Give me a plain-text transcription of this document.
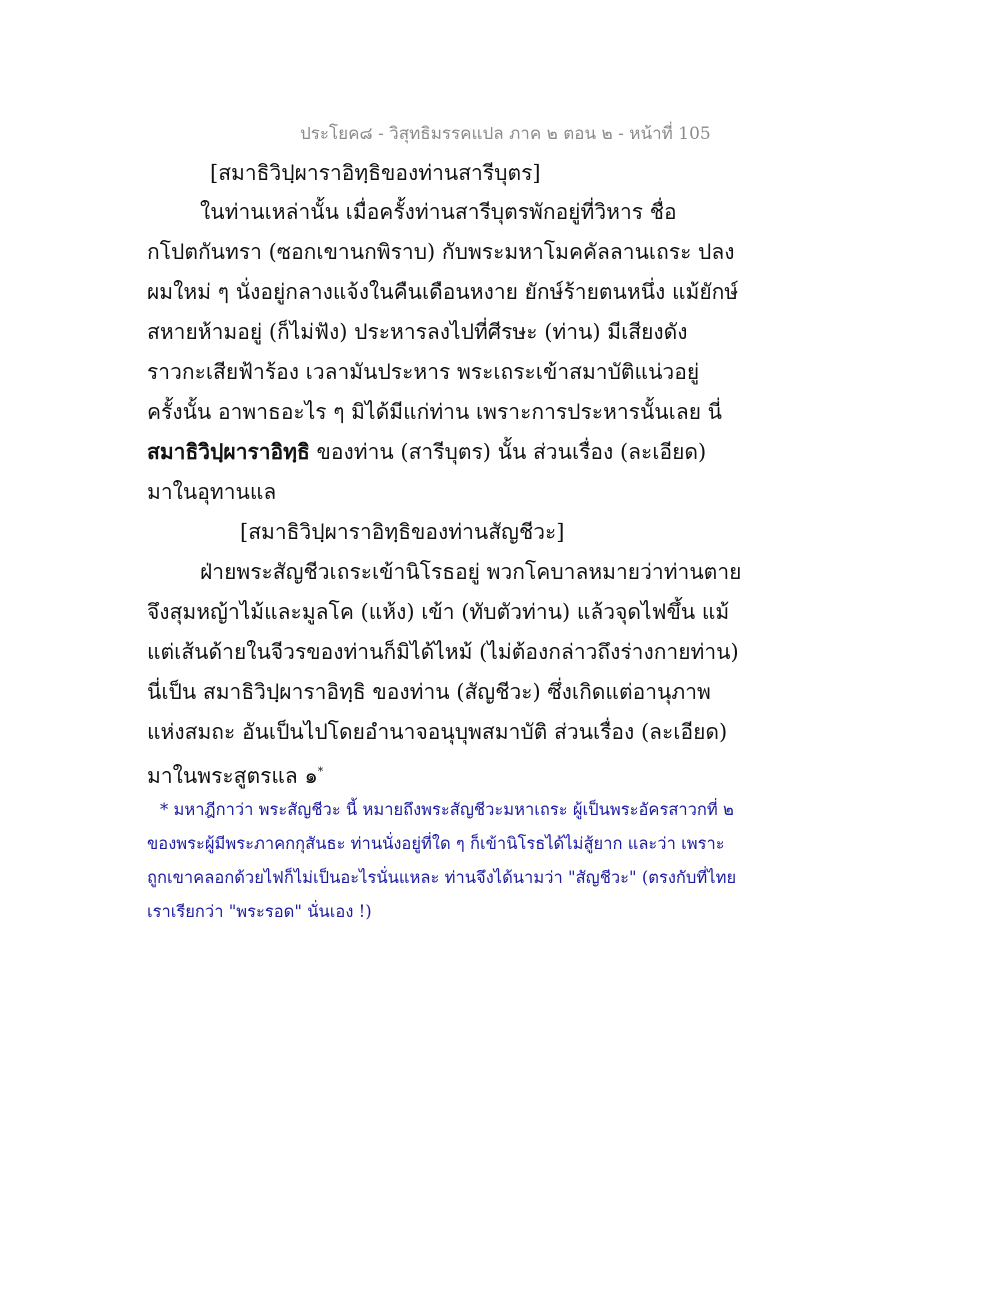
ประโยค๘ - วิสุทธิมรรคแปล ภาค ๒ ตอน ๒ - หน้าที่ 105
[สมาธิวิปฺผาราอิทฺธิของท่านสารีบุตร]
ในท่านเหล่านั้น เมื่อครั้งท่านสารีบุตรพักอยู่ที่วิหาร ชื่อ
กโปตกันทรา (ซอกเขานกพิราบ) กับพระมหาโมคคัลลานเถระ ปลง
ผมใหม่ ๆ นั่งอยู่กลางแจ้งในคืนเดือนหงาย ยักษ์ร้ายตนหนึ่ง แม้ยักษ์
สหายห้ามอยู่ (ก็ไม่ฟัง) ประหารลงไปที่ศีรษะ (ท่าน) มีเสียงดัง
ราวกะเสียฟ้าร้อง เวลามันประหาร พระเถระเข้าสมาบัติแน่วอยู่
ครั้งนั้น อาพาธอะไร ๆ มิได้มีแก่ท่าน เพราะการประหารนั้นเลย นี่
สมาธิวิปฺผาราอิทฺธิ ของท่าน (สารีบุตร) นั้น ส่วนเรื่อง (ละเอียด)
มาในอุทานแล
[สมาธิวิปฺผาราอิทฺธิของท่านสัญชีวะ]
ฝ่ายพระสัญชีวเถระเข้านิโรธอยู่ พวกโคบาลหมายว่าท่านตาย
จึงสุมหญ้าไม้และมูลโค (แห้ง) เข้า (ทับตัวท่าน) แล้วจุดไฟขึ้น แม้
แต่เส้นด้ายในจีวรของท่านก็มิได้ไหม้ (ไม่ต้องกล่าวถึงร่างกายท่าน)
นี่เป็น สมาธิวิปฺผาราอิทฺธิ ของท่าน (สัญชีวะ) ซึ่งเกิดแต่อานุภาพ
แห่งสมถะ อันเป็นไปโดยอำนาจอนุบุพสมาบัติ ส่วนเรื่อง (ละเอียด)
มาในพระสูตรแล ๑*
* มหาฎีกาว่า พระสัญชีวะ นี้ หมายถึงพระสัญชีวะมหาเถระ ผู้เป็นพระอัครสาวกที่ ๒
ของพระผู้มีพระภาคกกุสันธะ ท่านนั่งอยู่ที่ใด ๆ ก็เข้านิโรธได้ไม่สู้ยาก และว่า เพราะ
ถูกเขาคลอกด้วยไฟก็ไม่เป็นอะไรนั่นแหละ ท่านจึงได้นามว่า "สัญชีวะ" (ตรงกับที่ไทย
เราเรียกว่า "พระรอด" นั่นเอง !)
